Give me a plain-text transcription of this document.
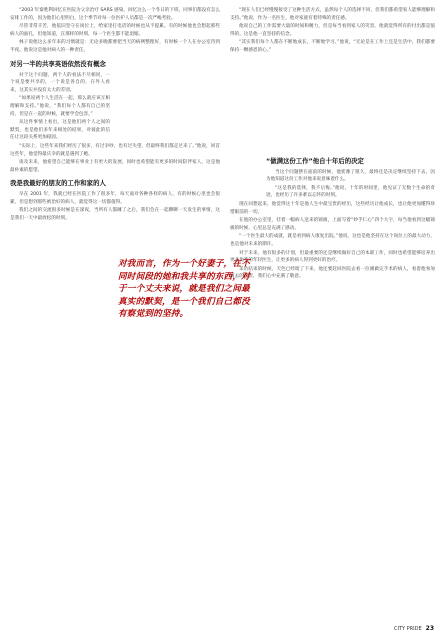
“2003 年秦胜利回忆在医院为父亲治疗 SARS 感染，回忆这么一个冬日的下班，同事们都没有怎么安排工作的，因为他们心里明白，这个季节对每一位医护人员都是一次严峻考验。

尽管非常辛苦，他依旧坚守在岗位上，给家里打电话的时候也从不提累。有的时候他也会想起那些病人的面孔，但他知道，在那样的时刻，每一个医生都不能退缩。

林子说他这么多年来的习惯就是：无论多晚都要把当天的病例整理好，有时候一个人在办公室待到半夜。他说这是他对病人的一种责任。

对另一半的共享英语依然没有概念

对于这个问题，两个人的看法不尽相同，一个说是要共享的，一个说是各自的，在外人看来，这其实并没有太大的差别。

“如果说两个人生活在一起，那么就应该互相理解和支持。”他说，“我们每个人都有自己的坚持，但是在一起的时候，就要学会包容。”

从这件事情上看出，这是他们两个人之间的默契，也是他们多年来相处的结果，对彼此的信任让这段关系更加稳固。

“实际上，这些年来我们经历了很多，有过争吵，也有过失望，但最终我们都走过来了。”他说，回首这些年，他觉得最庆幸的就是遇到了她。

谈及未来，他希望自己能够在事业上有更大的发展，同时也希望能有更多的时间陪伴家人，这是他最朴素的愿望。

我是我最好的朋友的工作和家的人

早在 2001 年，我就已经在医院工作了很多年，每天面对各种各样的病人，有的时候心里也会很累，但是想到那些被治好的病人，就觉得这一切都值得。

我们之间的交流很多时候是在深夜，当所有人都睡了之后，我们会在一起聊聊一天发生的事情，这是我们一天中最放松的时刻。

“现在人们已经慢慢接受了这种生活方式，虽然每个人的选择不同，但我们都希望家人能够理解和支持。”他说，作为一名医生，他对家庭有着特殊的责任感。

他说自己的工作需要大量的时间和精力，但是每当看到家人的笑容，他就觉得所有的付出都是值得的。这是他一直坚持的信念。

“其实我们每个人都在不断地成长，不断地学习。”他说，“无论是在工作上还是生活中，我们都要保持一颗感恩的心。”

“做满这份工作”他自十年后的决定

当这个问题摆在面前的时候，他犹豫了很久，最终还是决定继续坚持下去，因为他知道这份工作对他来说意味着什么。

“这是我的选择，我不后悔。”他说，十年的时间里，他见证了无数个生命的奇迹，也经历了许多难以忘怀的时刻。

现在回想起来，他觉得这十年是他人生中最宝贵的经历，这些经历让他成长，也让他更加懂得珍惜眼前的一切。

在他的办公室里，挂着一幅病人送来的锦旗，上面写着“妙手仁心”四个大字，每当他看到这幅锦旗的时候，心里总是充满了感动。

“一个医生最大的成就，就是看到病人康复出院。”他说，这也是他坚持在这个岗位上的最大动力，也是他对未来的期许。

对于未来，他有很多的计划，但最重要的还是继续做好自己的本职工作，同时也希望能够培养出更多优秀的年轻医生，让更多的病人得到更好的治疗。

采访结束的时候，天色已经暗了下来，他还要赶回医院去看一位刚做完手术的病人，看着他匆匆离去的背影，我们心中充满了敬意。

对我而言，作为一个好妻子，在不同时间段的她和我共享的东西，对于一个丈夫来说，就是我们之间最真实的默契，是一个我们自己都没有察觉到的坚持。
CITY PRIDE 23
